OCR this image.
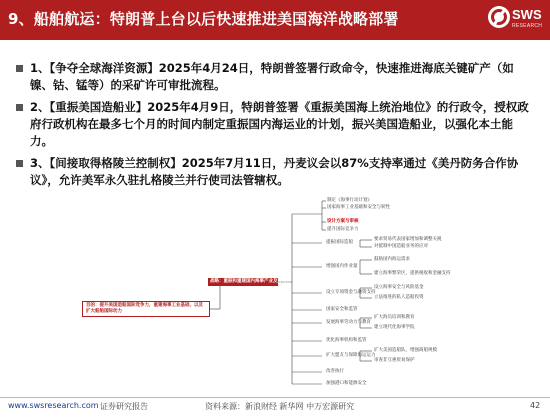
9、船舶航运：特朗普上台以后快速推进美国海洋战略部署	SWS
RESEARCH
1、【争夺全球海洋资源】2025年4月24日，特朗普签署行政命令，快速推进海底关键矿产（如镍、钴、锰等）的采矿许可审批流程。
2、【重振美国造船业】2025年4月9日，特朗普签署《重振美国海上统治地位》的行政令，授权政府行政机构在最多七个月的时间内制定重振国内海运业的计划，振兴美国造船业，以强化本土能力。
3、【间接取得格陵兰控制权】2025年7月11日，丹麦议会以87%支持率通过《美丹防务合作协议》，允许美军永久驻扎格陵兰并行使司法管辖权。
目的：提升美国造船国际竞争力，重建海事工业基础，以及扩大船舶国际动力
战略：重振和重建国内海事产业及劳动力
制定《海事行动计划》
国家海事工业基础和安全与韧性
设计方案与审核
提升国际竞争力
提振国际造船
要求贸易代表国家增加和调整关税
对抵制中国造船业务的应对
增强国内作业量
鼓励国内海运需求
建立海事繁荣区，提供税收和金融支持
设立专项资金与融资支持
设立海事安全与风险基金
立法推进的私人造船投资
国家安全和监管
发展海事劳动力与教育
扩大海员培训和教育
建立现代化海事学院
优化海事机构和监管
扩大盟友与保障海运运力
扩大美国造船队，增强商船规模
审查非互惠贸易保护
改善执行
加强港口和能源安全
www.swsresearch.com 证券研究报告	资料来源：新浪财经 新华网 中万宏源研究	42
